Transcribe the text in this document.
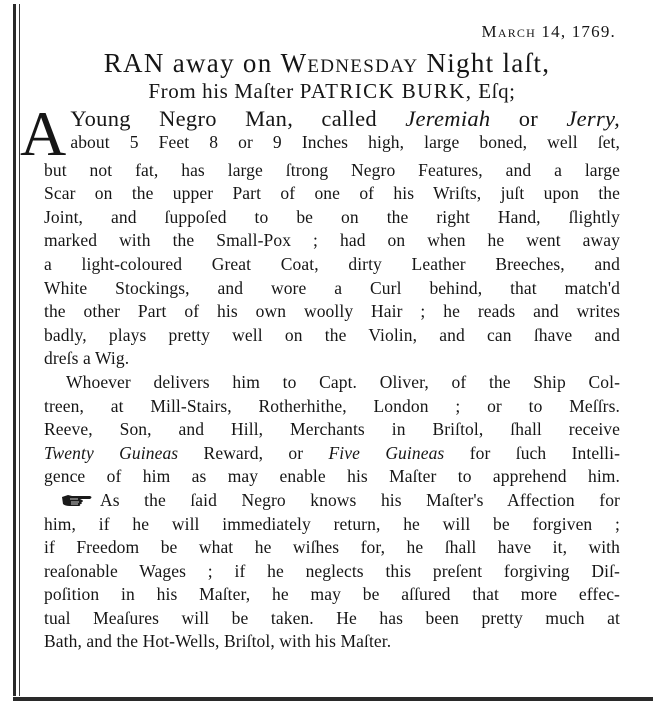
March 14, 1769.
RAN away on Wednesday Night laſt,
From his Maſter PATRICK BURK, Eſq;
A Young Negro Man, called Jeremiah or Jerry,
about 5 Feet 8 or 9 Inches high, large boned, well ſet,
but not fat, has large ſtrong Negro Features, and a large
Scar on the upper Part of one of his Wriſts, juſt upon the
Joint, and ſuppoſed to be on the right Hand, ſlightly
marked with the Small-Pox ; had on when he went away
a light-coloured Great Coat, dirty Leather Breeches, and
White Stockings, and wore a Curl behind, that match'd
the other Part of his own woolly Hair ; he reads and writes
badly, plays pretty well on the Violin, and can ſhave and
dreſs a Wig.
Whoever delivers him to Capt. Oliver, of the Ship Col-
treen, at Mill-Stairs, Rotherhithe, London ; or to Meſſrs.
Reeve, Son, and Hill, Merchants in Briſtol, ſhall receive
Twenty Guineas Reward, or Five Guineas for ſuch Intelli-
gence of him as may enable his Maſter to apprehend him.
As the ſaid Negro knows his Maſter's Affection for
him, if he will immediately return, he will be forgiven ;
if Freedom be what he wiſhes for, he ſhall have it, with
reaſonable Wages ; if he neglects this preſent forgiving Diſ-
poſition in his Maſter, he may be aſſured that more effec-
tual Meaſures will be taken. He has been pretty much at
Bath, and the Hot-Wells, Briſtol, with his Maſter.
